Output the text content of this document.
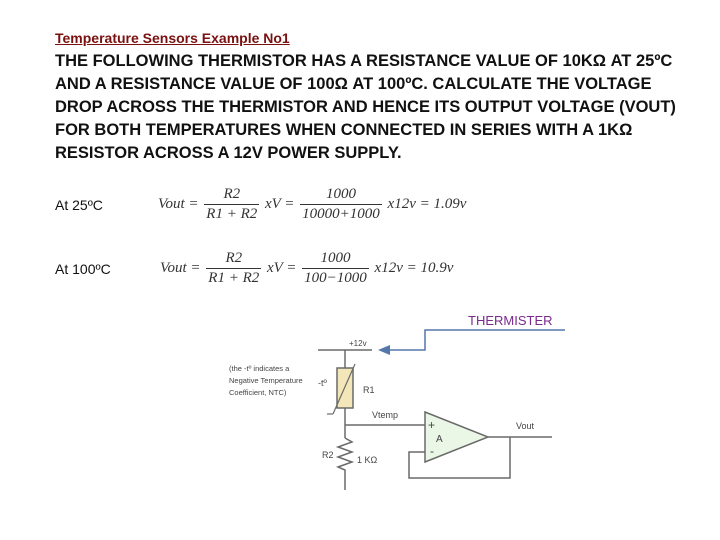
Temperature Sensors Example No1
THE FOLLOWING THERMISTOR HAS A RESISTANCE VALUE OF 10KΩ AT 25ºC AND A RESISTANCE VALUE OF 100Ω AT 100ºC. CALCULATE THE VOLTAGE DROP ACROSS THE THERMISTOR AND HENCE ITS OUTPUT VOLTAGE (VOUT) FOR BOTH TEMPERATURES WHEN CONNECTED IN SERIES WITH A 1KΩ RESISTOR ACROSS A 12V POWER SUPPLY.
At 25ºC	Vout = $\frac{R2}{R1 + R2}$ xV = $\frac{1000}{10000+1000} x12v = 1.09v$
At 100ºC	Vout = $\frac{R2}{R1 + R2}$ xV = $\frac{1000}{100-1000} x12v = 10.9v$
THERMISTER
+12v
-tº
R1
(the -tº indicates a
Negative Temperature
Coefficient, NTC)
Vtemp
R2	1 KΩ
+
-
A
Vout
